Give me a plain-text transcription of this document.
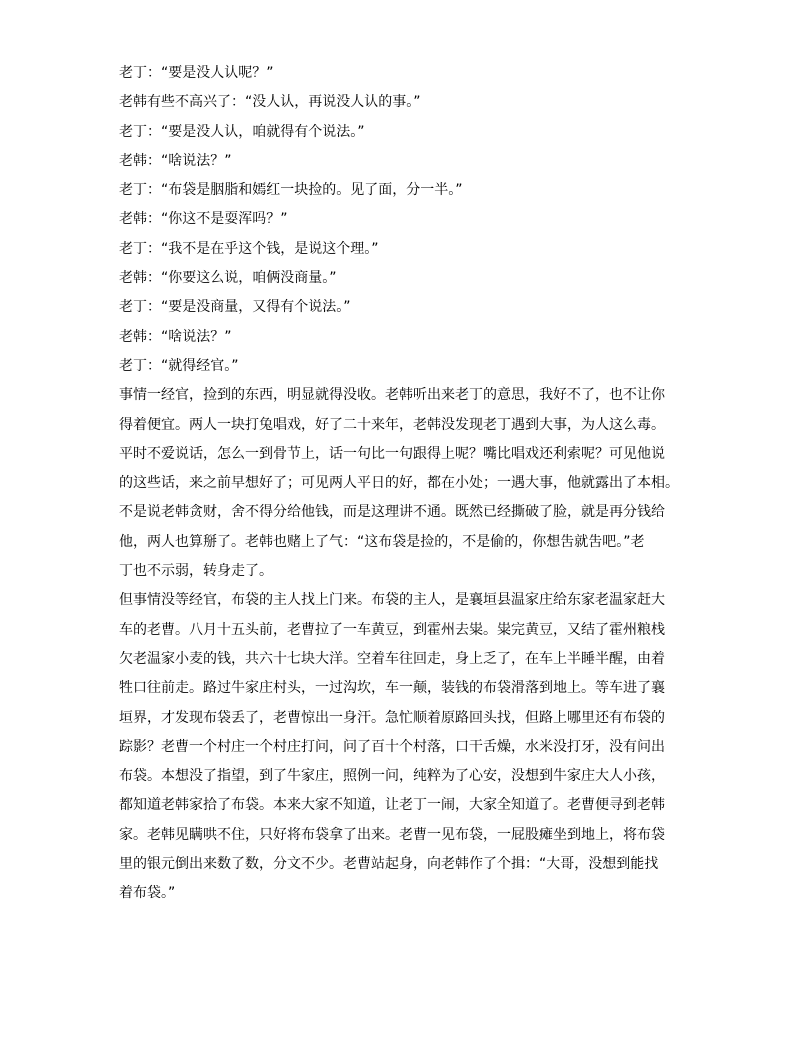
老丁：“要是没人认呢？”
老韩有些不高兴了：“没人认，再说没人认的事。”
老丁：“要是没人认，咱就得有个说法。”
老韩：“啥说法？”
老丁：“布袋是胭脂和嫣红一块捡的。见了面，分一半。”
老韩：“你这不是耍浑吗？”
老丁：“我不是在乎这个钱，是说这个理。”
老韩：“你要这么说，咱俩没商量。”
老丁：“要是没商量，又得有个说法。”
老韩：“啥说法？”
老丁：“就得经官。”
事情一经官，捡到的东西，明显就得没收。老韩听出来老丁的意思，我好不了，也不让你
得着便宜。两人一块打兔唱戏，好了二十来年，老韩没发现老丁遇到大事，为人这么毒。
平时不爱说话，怎么一到骨节上，话一句比一句跟得上呢？嘴比唱戏还利索呢？可见他说
的这些话，来之前早想好了；可见两人平日的好，都在小处；一遇大事，他就露出了本相。
不是说老韩贪财，舍不得分给他钱，而是这理讲不通。既然已经撕破了脸，就是再分钱给
他，两人也算掰了。老韩也赌上了气：“这布袋是捡的，不是偷的，你想吿就吿吧。”老
丁也不示弱，转身走了。
但事情没等经官，布袋的主人找上门来。布袋的主人，是襄垣县温家庄给东家老温家赶大
车的老曹。八月十五头前，老曹拉了一车黄豆，到霍州去粜。粜完黄豆，又结了霍州粮栈
欠老温家小麦的钱，共六十七块大洋。空着车往回走，身上乏了，在车上半睡半醒，由着
牲口往前走。路过牛家庄村头，一过沟坎，车一颠，装钱的布袋滑落到地上。等车进了襄
垣界，才发现布袋丢了，老曹惊出一身汗。急忙顺着原路回头找，但路上哪里还有布袋的
踪影？老曹一个村庄一个村庄打问，问了百十个村落，口干舌燥，水米没打牙，没有问出
布袋。本想没了指望，到了牛家庄，照例一问，纯粹为了心安，没想到牛家庄大人小孩，
都知道老韩家拾了布袋。本来大家不知道，让老丁一闹，大家全知道了。老曹便寻到老韩
家。老韩见瞒哄不住，只好将布袋拿了出来。老曹一见布袋，一屁股瘫坐到地上，将布袋
里的银元倒出来数了数，分文不少。老曹站起身，向老韩作了个揖：“大哥，没想到能找
着布袋。”
